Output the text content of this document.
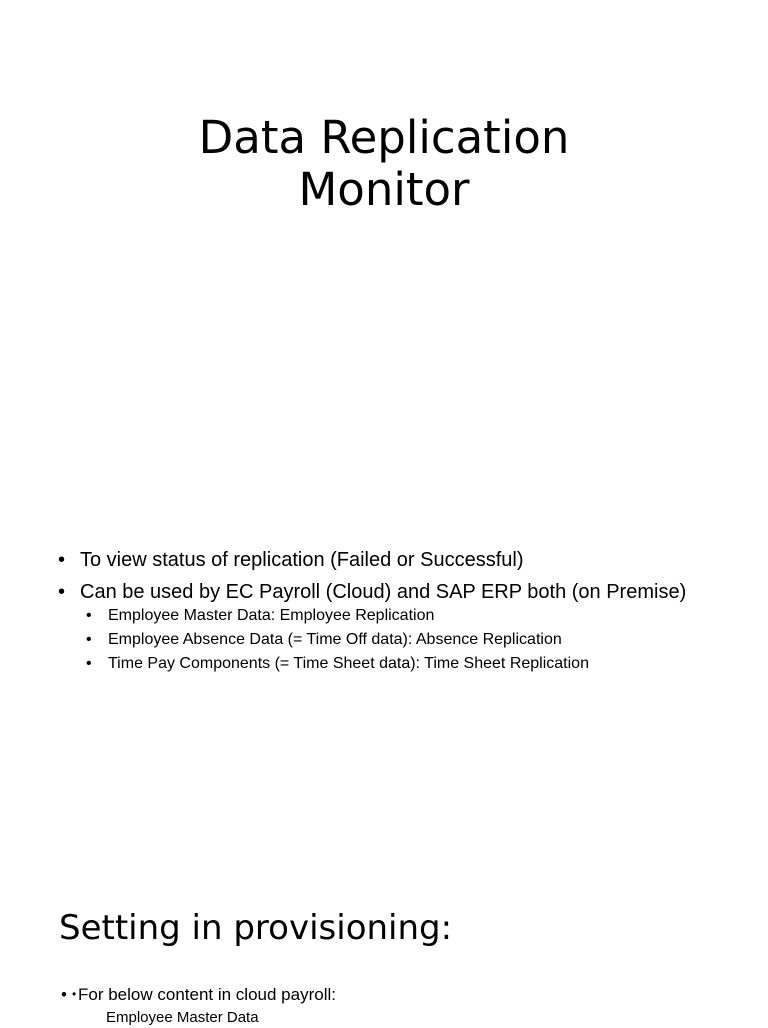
Data Replication
Monitor
• To view status of replication (Failed or Successful)
• Can be used by EC Payroll (Cloud) and SAP ERP both (on Premise)
• Employee Master Data: Employee Replication
• Employee Absence Data (= Time Off data): Absence Replication
• Time Pay Components (= Time Sheet data): Time Sheet Replication
Setting in provisioning:
• For below content in cloud payroll:
• Employee Master Data
